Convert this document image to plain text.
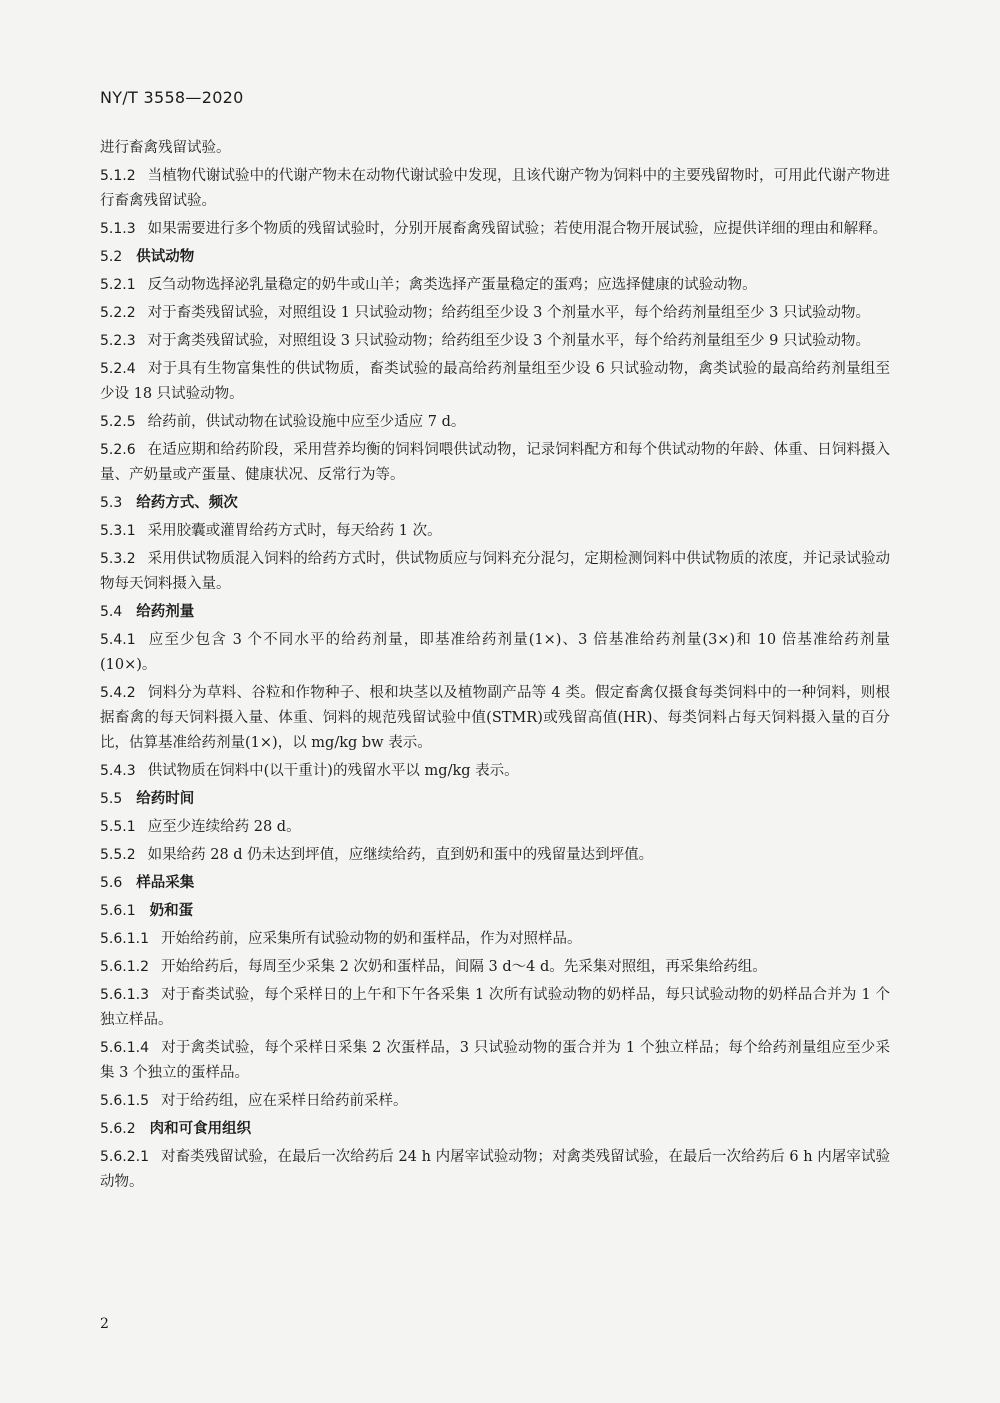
NY/T 3558—2020
进行畜禽残留试验。
5.1.2 当植物代谢试验中的代谢产物未在动物代谢试验中发现，且该代谢产物为饲料中的主要残留物时，可用此代谢产物进行畜禽残留试验。
5.1.3 如果需要进行多个物质的残留试验时，分别开展畜禽残留试验；若使用混合物开展试验，应提供详细的理由和解释。
5.2 供试动物
5.2.1 反刍动物选择泌乳量稳定的奶牛或山羊；禽类选择产蛋量稳定的蛋鸡；应选择健康的试验动物。
5.2.2 对于畜类残留试验，对照组设 1 只试验动物；给药组至少设 3 个剂量水平，每个给药剂量组至少 3 只试验动物。
5.2.3 对于禽类残留试验，对照组设 3 只试验动物；给药组至少设 3 个剂量水平，每个给药剂量组至少 9 只试验动物。
5.2.4 对于具有生物富集性的供试物质，畜类试验的最高给药剂量组至少设 6 只试验动物，禽类试验的最高给药剂量组至少设 18 只试验动物。
5.2.5 给药前，供试动物在试验设施中应至少适应 7 d。
5.2.6 在适应期和给药阶段，采用营养均衡的饲料饲喂供试动物，记录饲料配方和每个供试动物的年龄、体重、日饲料摄入量、产奶量或产蛋量、健康状况、反常行为等。
5.3 给药方式、频次
5.3.1 采用胶囊或灌胃给药方式时，每天给药 1 次。
5.3.2 采用供试物质混入饲料的给药方式时，供试物质应与饲料充分混匀，定期检测饲料中供试物质的浓度，并记录试验动物每天饲料摄入量。
5.4 给药剂量
5.4.1 应至少包含 3 个不同水平的给药剂量，即基准给药剂量(1×)、3 倍基准给药剂量(3×)和 10 倍基准给药剂量(10×)。
5.4.2 饲料分为草料、谷粒和作物种子、根和块茎以及植物副产品等 4 类。假定畜禽仅摄食每类饲料中的一种饲料，则根据畜禽的每天饲料摄入量、体重、饲料的规范残留试验中值(STMR)或残留高值(HR)、每类饲料占每天饲料摄入量的百分比，估算基准给药剂量(1×)，以 mg/kg bw 表示。
5.4.3 供试物质在饲料中(以干重计)的残留水平以 mg/kg 表示。
5.5 给药时间
5.5.1 应至少连续给药 28 d。
5.5.2 如果给药 28 d 仍未达到坪值，应继续给药，直到奶和蛋中的残留量达到坪值。
5.6 样品采集
5.6.1 奶和蛋
5.6.1.1 开始给药前，应采集所有试验动物的奶和蛋样品，作为对照样品。
5.6.1.2 开始给药后，每周至少采集 2 次奶和蛋样品，间隔 3 d～4 d。先采集对照组，再采集给药组。
5.6.1.3 对于畜类试验，每个采样日的上午和下午各采集 1 次所有试验动物的奶样品，每只试验动物的奶样品合并为 1 个独立样品。
5.6.1.4 对于禽类试验，每个采样日采集 2 次蛋样品，3 只试验动物的蛋合并为 1 个独立样品；每个给药剂量组应至少采集 3 个独立的蛋样品。
5.6.1.5 对于给药组，应在采样日给药前采样。
5.6.2 肉和可食用组织
5.6.2.1 对畜类残留试验，在最后一次给药后 24 h 内屠宰试验动物；对禽类残留试验，在最后一次给药后 6 h 内屠宰试验动物。
2
